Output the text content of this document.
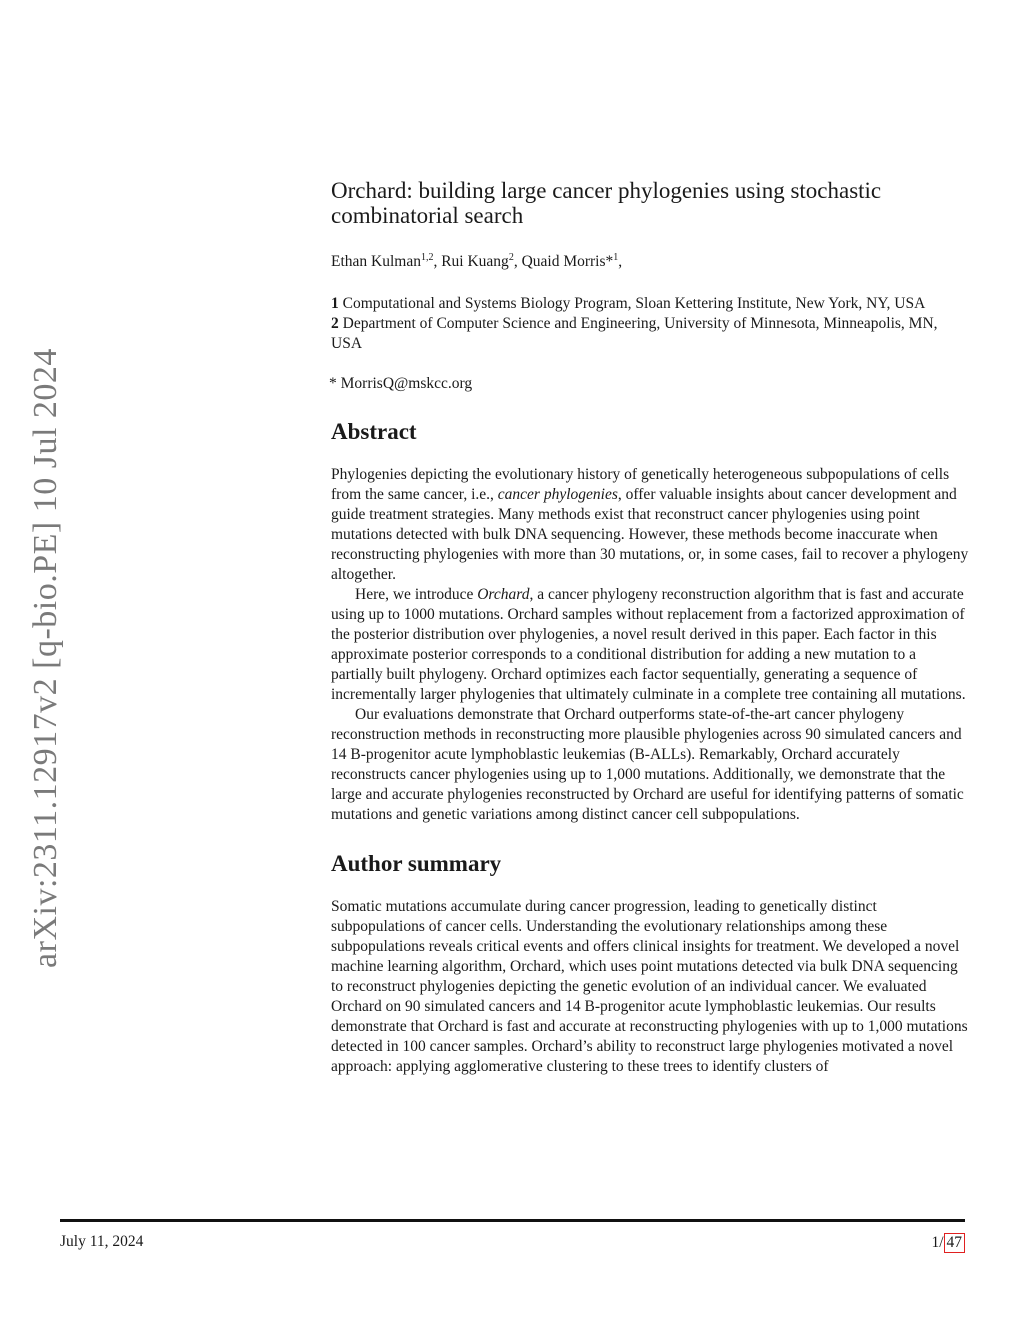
arXiv:2311.12917v2 [q-bio.PE] 10 Jul 2024
Orchard: building large cancer phylogenies using stochastic combinatorial search
Ethan Kulman$^{1,2}$, Rui Kuang$^2$, Quaid Morris*$^1$,
1 Computational and Systems Biology Program, Sloan Kettering Institute, New York, NY, USA
2 Department of Computer Science and Engineering, University of Minnesota, Minneapolis, MN, USA
* MorrisQ@mskcc.org
Abstract

Phylogenies depicting the evolutionary history of genetically heterogeneous subpopulations of cells from the same cancer, i.e., cancer phylogenies, offer valuable insights about cancer development and guide treatment strategies. Many methods exist that reconstruct cancer phylogenies using point mutations detected with bulk DNA sequencing. However, these methods become inaccurate when reconstructing phylogenies with more than 30 mutations, or, in some cases, fail to recover a phylogeny altogether.

Here, we introduce Orchard, a cancer phylogeny reconstruction algorithm that is fast and accurate using up to 1000 mutations. Orchard samples without replacement from a factorized approximation of the posterior distribution over phylogenies, a novel result derived in this paper. Each factor in this approximate posterior corresponds to a conditional distribution for adding a new mutation to a partially built phylogeny. Orchard optimizes each factor sequentially, generating a sequence of incrementally larger phylogenies that ultimately culminate in a complete tree containing all mutations.

Our evaluations demonstrate that Orchard outperforms state-of-the-art cancer phylogeny reconstruction methods in reconstructing more plausible phylogenies across 90 simulated cancers and 14 B-progenitor acute lymphoblastic leukemias (B-ALLs). Remarkably, Orchard accurately reconstructs cancer phylogenies using up to 1,000 mutations. Additionally, we demonstrate that the large and accurate phylogenies reconstructed by Orchard are useful for identifying patterns of somatic mutations and genetic variations among distinct cancer cell subpopulations.

Author summary

Somatic mutations accumulate during cancer progression, leading to genetically distinct subpopulations of cancer cells. Understanding the evolutionary relationships among these subpopulations reveals critical events and offers clinical insights for treatment. We developed a novel machine learning algorithm, Orchard, which uses point mutations detected via bulk DNA sequencing to reconstruct phylogenies depicting the genetic evolution of an individual cancer. We evaluated Orchard on 90 simulated cancers and 14 B-progenitor acute lymphoblastic leukemias. Our results demonstrate that Orchard is fast and accurate at reconstructing phylogenies with up to 1,000 mutations detected in 100 cancer samples. Orchard’s ability to reconstruct large phylogenies motivated a novel approach: applying agglomerative clustering to these trees to identify clusters of

July 11, 2024	1/ 47
